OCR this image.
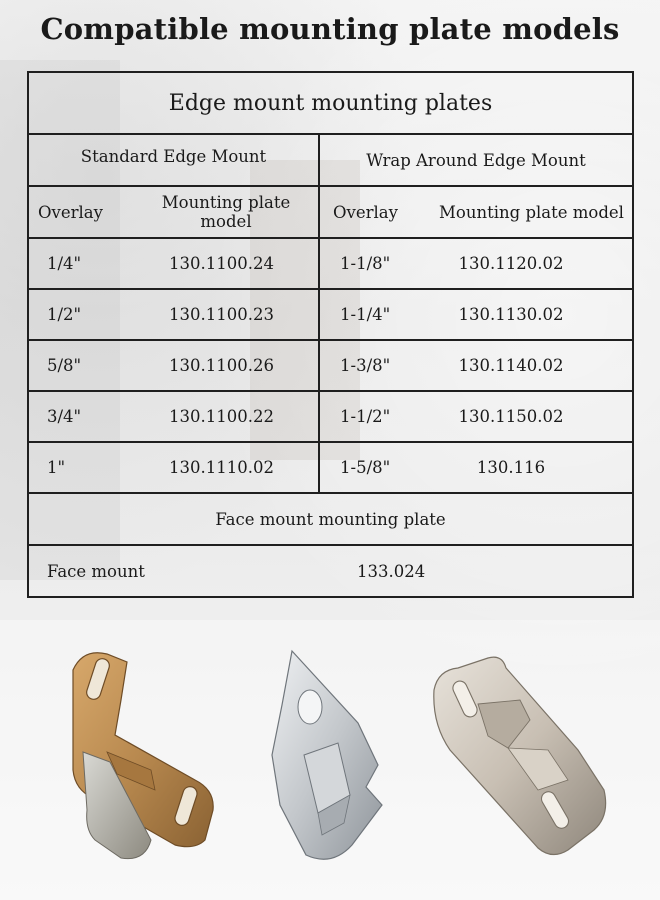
Compatible mounting plate models
Edge mount mounting plates	
Standard Edge Mount	Wrap Around Edge Mount

Overlay Mounting plate model	Overlay Mounting plate model

1/4" 130.1100.24	1-1/8" 130.1120.02

1/2" 130.1100.23	1-1/4" 130.1130.02

5/8" 130.1100.26	1-3/8" 130.1140.02

3/4" 130.1100.22	1-1/2" 130.1150.02

1" 130.1110.02	1-5/8" 130.116

Face mount mounting plate	

Face mount 133.024	
